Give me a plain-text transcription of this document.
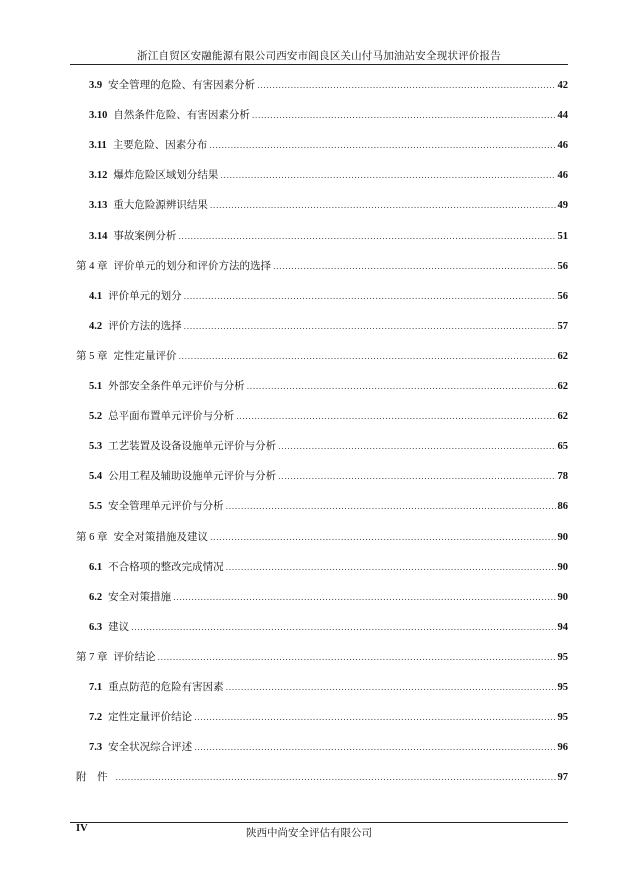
浙江自贸区安融能源有限公司西安市阎良区关山付马加油站安全现状评价报告
3.9 安全管理的危险、有害因素分析 .....	42
3.10 自然条件危险、有害因素分析 .....	44
3.11 主要危险、因素分布 .....	46
3.12 爆炸危险区域划分结果 .....	46
3.13 重大危险源辨识结果 .....	49
3.14 事故案例分析 .....	51
第 4 章 评价单元的划分和评价方法的选择 .....	56
4.1 评价单元的划分 .....	56
4.2 评价方法的选择 .....	57
第 5 章 定性定量评价 .....	62
5.1 外部安全条件单元评价与分析 .....	62
5.2 总平面布置单元评价与分析 .....	62
5.3 工艺装置及设备设施单元评价与分析 .....	65
5.4 公用工程及辅助设施单元评价与分析 .....	78
5.5 安全管理单元评价与分析 .....	86
第 6 章 安全对策措施及建议 .....	90
6.1 不合格项的整改完成情况 .....	90
6.2 安全对策措施 .....	90
6.3 建议 .....	94
第 7 章 评价结论 .....	95
7.1 重点防范的危险有害因素 .....	95
7.2 定性定量评价结论 .....	95
7.3 安全状况综合评述 .....	96
附　件 .....	97
IV	陕西中尚安全评估有限公司
